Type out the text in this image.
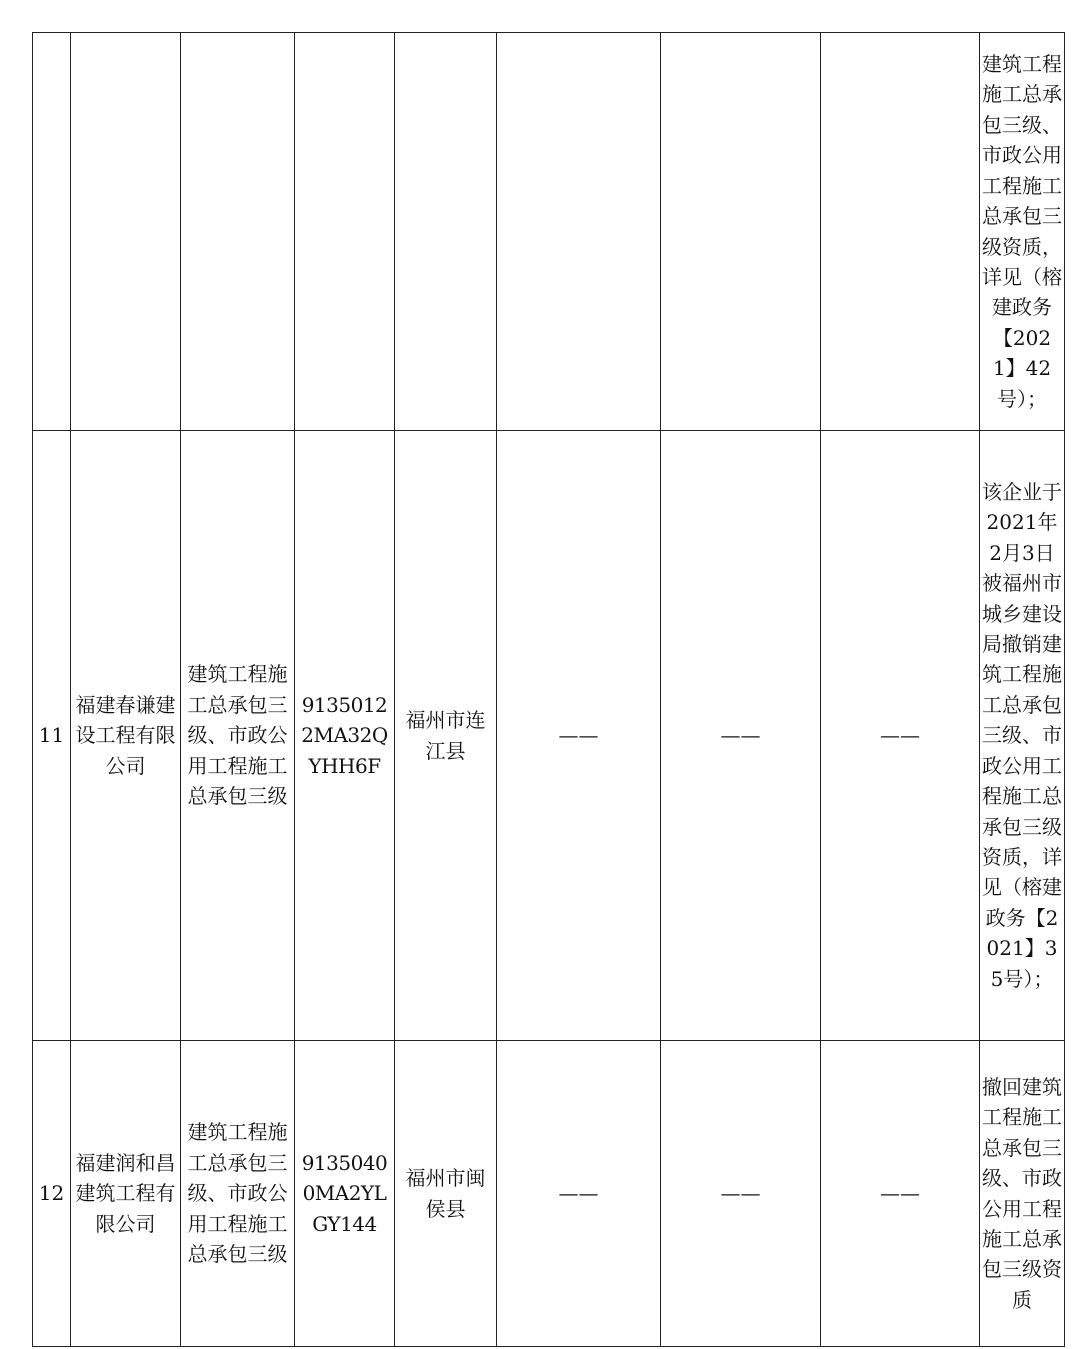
								建筑工程施工总承包三级、市政公用工程施工总承包三级资质，详见（榕建政务【2021】42号）；

11	福建春谦建设工程有限公司	建筑工程施工总承包三级、市政公用工程施工总承包三级	91350122MA32QYHH6F	福州市连江县	——	——	——	该企业于2021年2月3日被福州市城乡建设局撤销建筑工程施工总承包三级、市政公用工程施工总承包三级资质，详见（榕建政务【2021】35号）；

12	福建润和昌建筑工程有限公司	建筑工程施工总承包三级、市政公用工程施工总承包三级	91350400MA2YLGY144	福州市闽侯县	——	——	——	撤回建筑工程施工总承包三级、市政公用工程施工总承包三级资质
